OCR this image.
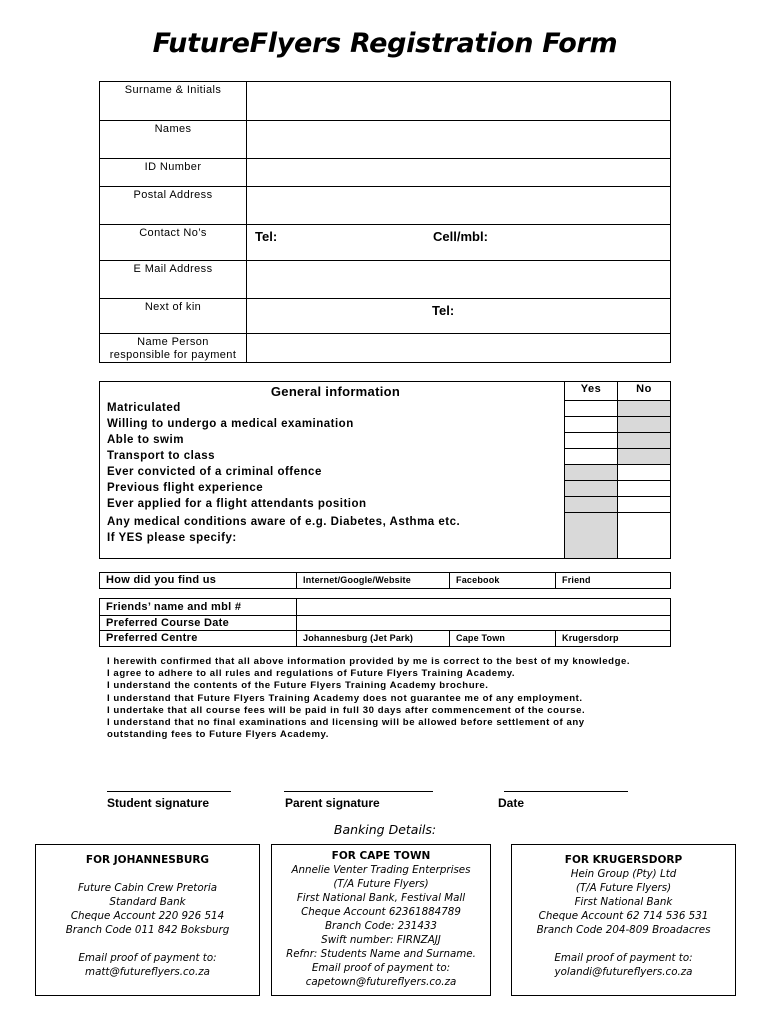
FutureFlyers Registration Form
Surname & Initials	
Names	
ID Number	
Postal Address	
Contact No’s	Tel: Cell/mbl:

E Mail Address	
Next of kin	Tel:

Name Person
responsible for payment	

General information	Yes	No
Matriculated		
Willing to undergo a medical examination		
Able to swim		
Transport to class		
Ever convicted of a criminal offence		
Previous flight experience		
Ever applied for a flight attendants position		

Any medical conditions aware of e.g. Diabetes, Asthma etc.
If YES please specify:		

How did you find us	Internet/Google/Website	Facebook	Friend
Friends’ name and mbl #			
Preferred Course Date			
Preferred Centre	Johannesburg (Jet Park)	Cape Town	Krugersdorp
I herewith confirmed that all above information provided by me is correct to the best of my knowledge.
I agree to adhere to all rules and regulations of Future Flyers Training Academy.
I understand the contents of the Future Flyers Training Academy brochure.
I understand that Future Flyers Training Academy does not guarantee me of any employment.
I undertake that all course fees will be paid in full 30 days after commencement of the course.
I understand that no final examinations and licensing will be allowed before settlement of any
outstanding fees to Future Flyers Academy.
Student signature	Parent signature	Date
Banking Details:
FOR JOHANNESBURG
Future Cabin Crew Pretoria
Standard Bank
Cheque Account 220 926 514
Branch Code 011 842 Boksburg
Email proof of payment to:
matt@futureflyers.co.za
FOR CAPE TOWN
Annelie Venter Trading Enterprises
(T/A Future Flyers)
First National Bank, Festival Mall
Cheque Account 62361884789
Branch Code: 231433
Swift number: FIRNZAJJ
Refnr: Students Name and Surname.
Email proof of payment to:
capetown@futureflyers.co.za
FOR KRUGERSDORP
Hein Group (Pty) Ltd
(T/A Future Flyers)
First National Bank
Cheque Account 62 714 536 531
Branch Code 204-809 Broadacres
Email proof of payment to:
yolandi@futureflyers.co.za
